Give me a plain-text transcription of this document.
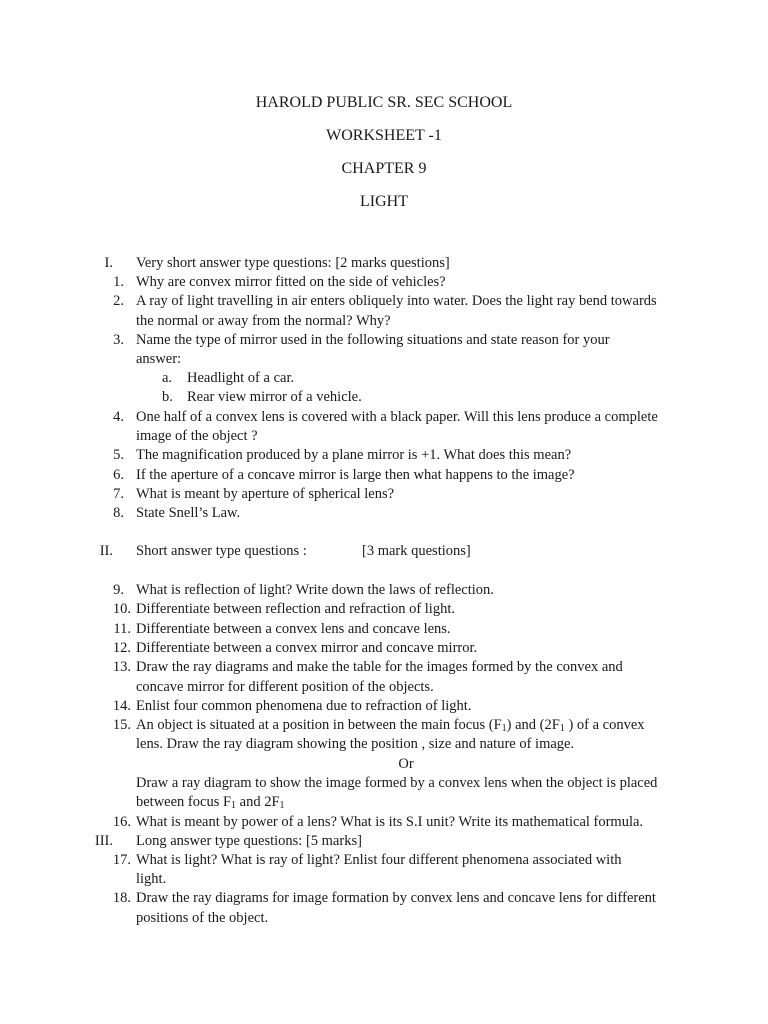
HAROLD PUBLIC SR. SEC SCHOOL
WORKSHEET -1
CHAPTER 9
LIGHT
I. Very short answer type questions: [2 marks questions]
1. Why are convex mirror fitted on the side of vehicles?
2. A ray of light travelling in air enters obliquely into water. Does the light ray bend towards
the normal or away from the normal? Why?
3. Name the type of mirror used in the following situations and state reason for your
answer:
a. Headlight of a car.
b. Rear view mirror of a vehicle.
4. One half of a convex lens is covered with a black paper. Will this lens produce a complete
image of the object ?
5. The magnification produced by a plane mirror is +1. What does this mean?
6. If the aperture of a concave mirror is large then what happens to the image?
7. What is meant by aperture of spherical lens?
8. State Snell’s Law.
II. Short answer type questions :	[3 mark questions]
9. What is reflection of light? Write down the laws of reflection.
10. Differentiate between reflection and refraction of light.
11. Differentiate between a convex lens and concave lens.
12. Differentiate between a convex mirror and concave mirror.
13. Draw the ray diagrams and make the table for the images formed by the convex and
concave mirror for different position of the objects.
14. Enlist four common phenomena due to refraction of light.
15. An object is situated at a position in between the main focus $(F_1)$ and ($2F_1$ ) of a convex
lens. Draw the ray diagram showing the position , size and nature of image.
Or
Draw a ray diagram to show the image formed by a convex lens when the object is placed
between focus $F_1$ and $2F_1$
16. What is meant by power of a lens? What is its S.I unit? Write its mathematical formula.
III. Long answer type questions: [5 marks]
17. What is light? What is ray of light? Enlist four different phenomena associated with
light.
18. Draw the ray diagrams for image formation by convex lens and concave lens for different
positions of the object.
